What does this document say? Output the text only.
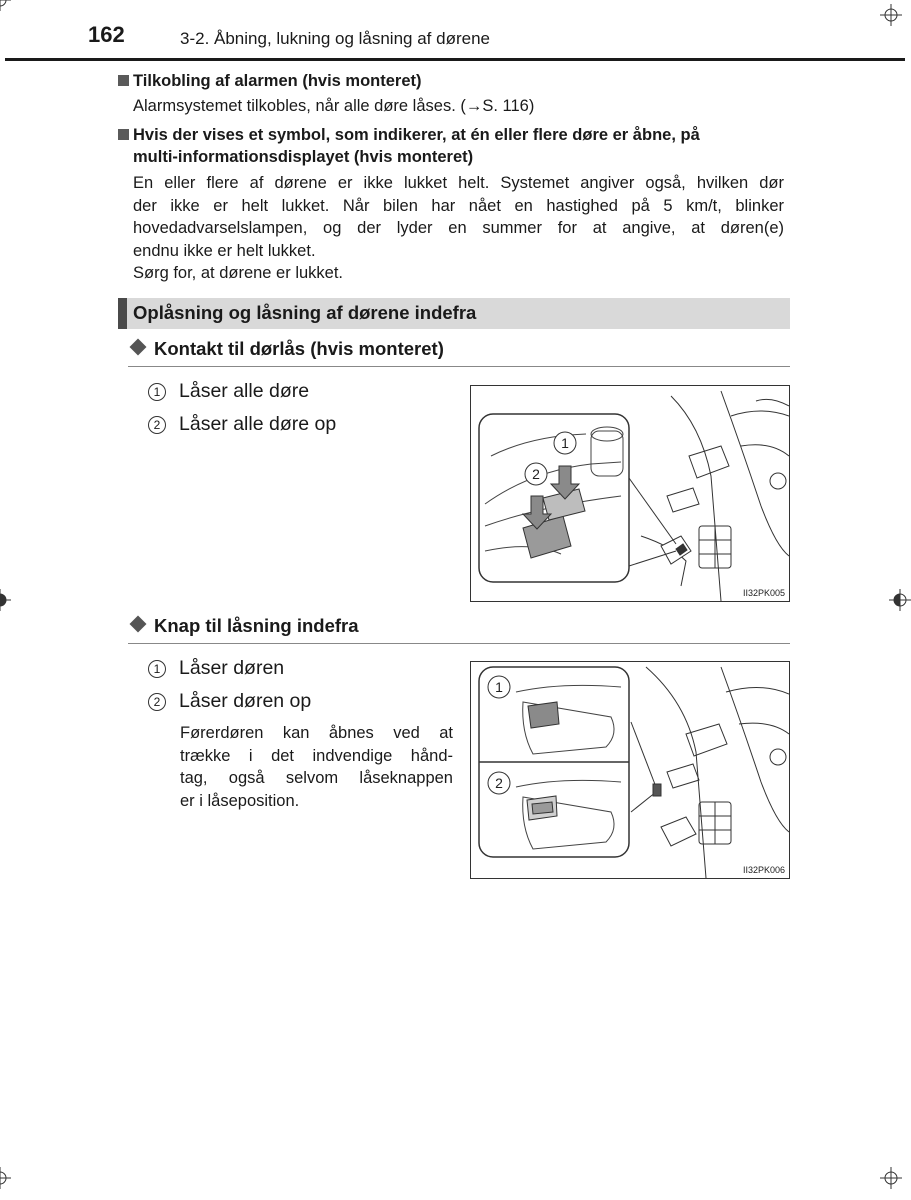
162	3-2. Åbning, lukning og låsning af dørene
Tilkobling af alarmen (hvis monteret)
Alarmsystemet tilkobles, når alle døre låses. (→S. 116)
Hvis der vises et symbol, som indikerer, at én eller flere døre er åbne, på
multi-informationsdisplayet (hvis monteret)
En eller flere af dørene er ikke lukket helt. Systemet angiver også, hvilken dør
der ikke er helt lukket. Når bilen har nået en hastighed på 5 km/t, blinker
hovedadvarselslampen, og der lyder en summer for at angive, at døren(e)
endnu ikke er helt lukket.
Sørg for, at dørene er lukket.
Oplåsning og låsning af dørene indefra
Kontakt til dørlås (hvis monteret)
1 Låser alle døre
2 Låser alle døre op
1
2
II32PK005
Knap til låsning indefra
1 Låser døren
2 Låser døren op
Førerdøren kan åbnes ved at
trække i det indvendige hånd-
tag, også selvom låseknappen
er i låseposition.
1
2
II32PK006
